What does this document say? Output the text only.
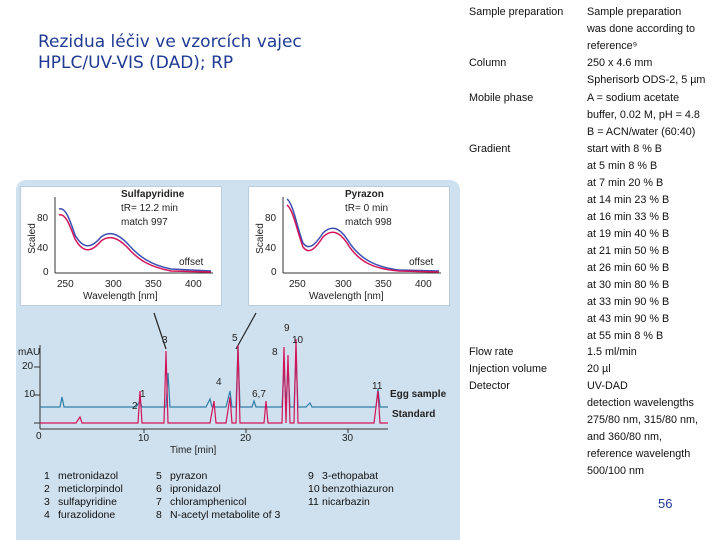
Rezidua léčiv ve vzorcích vajec
HPLC/UV-VIS (DAD); RP
Sulfapyridine
tR= 12.2 min
match 997
offset
Scaled
80
40
0
250	300 350 400
Wavelength [nm]
Pyrazon
tR= 0 min
match 998
offset
Scaled
80
40
0
250	300 350 400
Wavelength [nm]
mAU
20
10
0	10	20	30
Time [min]
Egg sample
Standard
1
2
3
4
5
6,7
8
9
10
11
1 metronidazol
2 meticlorpindol
3 sulfapyridine
4 furazolidone
5 pyrazon
6 ipronidazol
7 chloramphenicol
8 N-acetyl metabolite of 3
9 3-ethopabat
10 benzothiazuron
11 nicarbazin
Sample preparation	Sample preparation
was done according to
reference⁹
Column	250 x 4.6 mm
Spherisorb ODS-2, 5 µm
Mobile phase	A = sodium acetate
buffer, 0.02 M, pH = 4.8
B = ACN/water (60:40)
Gradient	start with 8 % B
at 5 min 8 % B
at 7 min 20 % B
at 14 min 23 % B
at 16 min 33 % B
at 19 min 40 % B
at 21 min 50 % B
at 26 min 60 % B
at 30 min 80 % B
at 33 min 90 % B
at 43 min 90 % B
at 55 min 8 % B
Flow rate	1.5 ml/min
Injection volume	20 µl
Detector	UV-DAD
detection wavelengths
275/80 nm, 315/80 nm,
and 360/80 nm,
reference wavelength
500/100 nm
56
